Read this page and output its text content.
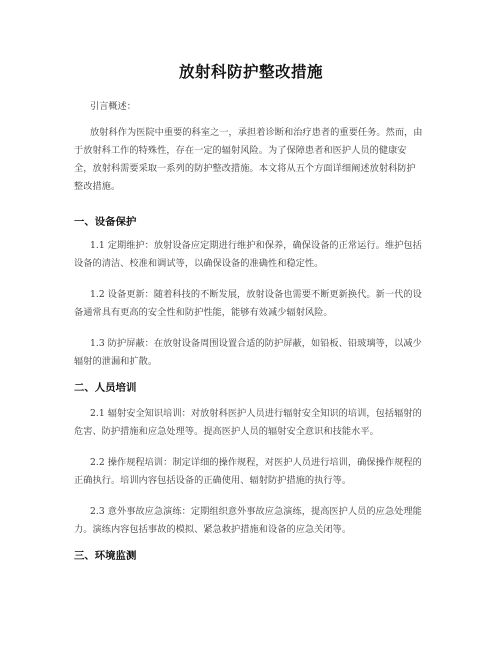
放射科防护整改措施

引言概述：

放射科作为医院中重要的科室之一，承担着诊断和治疗患者的重要任务。然而，由于放射科工作的特殊性，存在一定的辐射风险。为了保障患者和医护人员的健康安全，放射科需要采取一系列的防护整改措施。本文将从五个方面详细阐述放射科防护整改措施。

一、设备保护

1.1 定期维护：放射设备应定期进行维护和保养，确保设备的正常运行。维护包括设备的清洁、校准和调试等，以确保设备的准确性和稳定性。

1.2 设备更新：随着科技的不断发展，放射设备也需要不断更新换代。新一代的设备通常具有更高的安全性和防护性能，能够有效减少辐射风险。

1.3 防护屏蔽：在放射设备周围设置合适的防护屏蔽，如铅板、铅玻璃等，以减少辐射的泄漏和扩散。

二、人员培训

2.1 辐射安全知识培训：对放射科医护人员进行辐射安全知识的培训，包括辐射的危害、防护措施和应急处理等。提高医护人员的辐射安全意识和技能水平。

2.2 操作规程培训：制定详细的操作规程，对医护人员进行培训，确保操作规程的正确执行。培训内容包括设备的正确使用、辐射防护措施的执行等。

2.3 意外事故应急演练：定期组织意外事故应急演练，提高医护人员的应急处理能力。演练内容包括事故的模拟、紧急救护措施和设备的应急关闭等。

三、环境监测
